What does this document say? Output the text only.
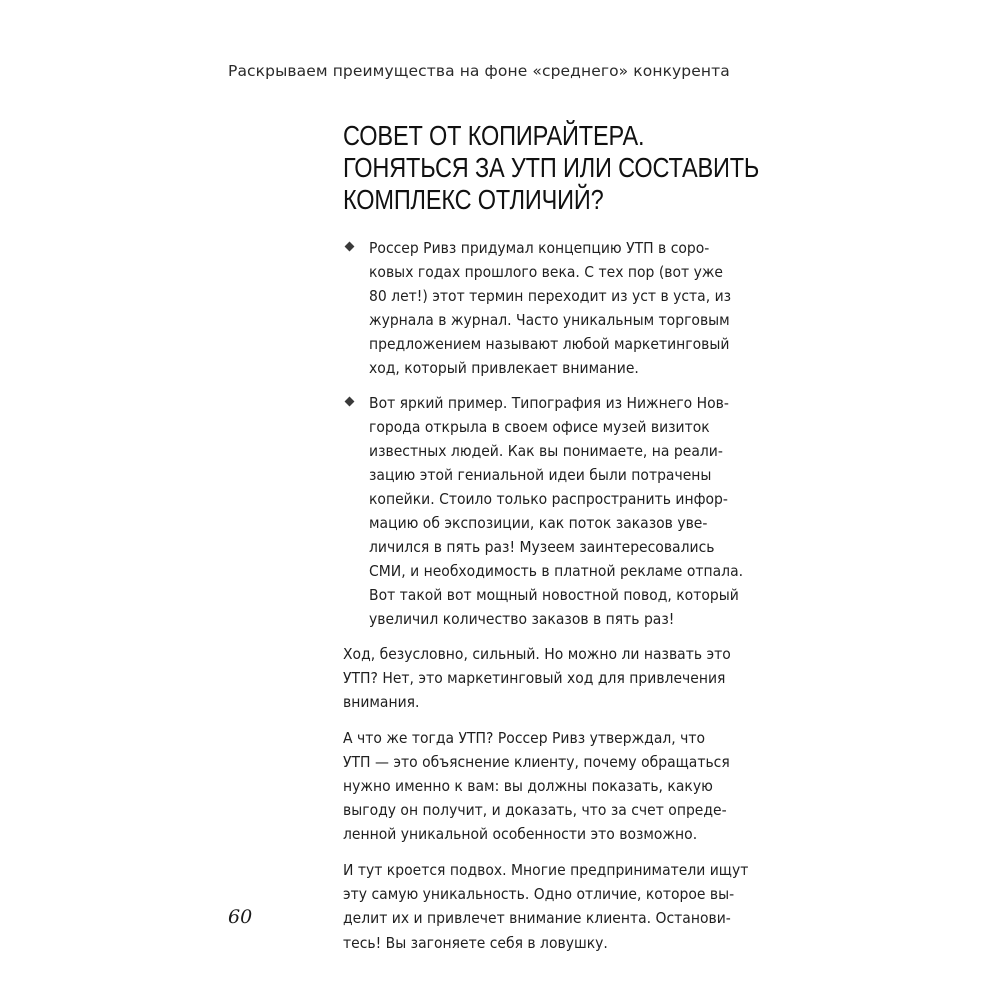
Раскрываем преимущества на фоне «среднего» конкурента
СОВЕТ ОТ КОПИРАЙТЕРА.
ГОНЯТЬСЯ ЗА УТП ИЛИ СОСТАВИТЬ
КОМПЛЕКС ОТЛИЧИЙ?
Россер Ривз придумал концепцию УТП в соро-
ковых годах прошлого века. С тех пор (вот уже
80 лет!) этот термин переходит из уст в уста, из
журнала в журнал. Часто уникальным торговым
предложением называют любой маркетинговый
ход, который привлекает внимание.
Вот яркий пример. Типография из Нижнего Нов-
города открыла в своем офисе музей визиток
известных людей. Как вы понимаете, на реали-
зацию этой гениальной идеи были потрачены
копейки. Стоило только распространить инфор-
мацию об экспозиции, как поток заказов уве-
личился в пять раз! Музеем заинтересовались
СМИ, и необходимость в платной рекламе отпала.
Вот такой вот мощный новостной повод, который
увеличил количество заказов в пять раз!

Ход, безусловно, сильный. Но можно ли назвать это
УТП? Нет, это маркетинговый ход для привлечения
внимания.

А что же тогда УТП? Россер Ривз утверждал, что
УТП — это объяснение клиенту, почему обращаться
нужно именно к вам: вы должны показать, какую
выгоду он получит, и доказать, что за счет опреде-
ленной уникальной особенности это возможно.

И тут кроется подвох. Многие предприниматели ищут
эту самую уникальность. Одно отличие, которое вы-
делит их и привлечет внимание клиента. Останови-
тесь! Вы загоняете себя в ловушку.

60
